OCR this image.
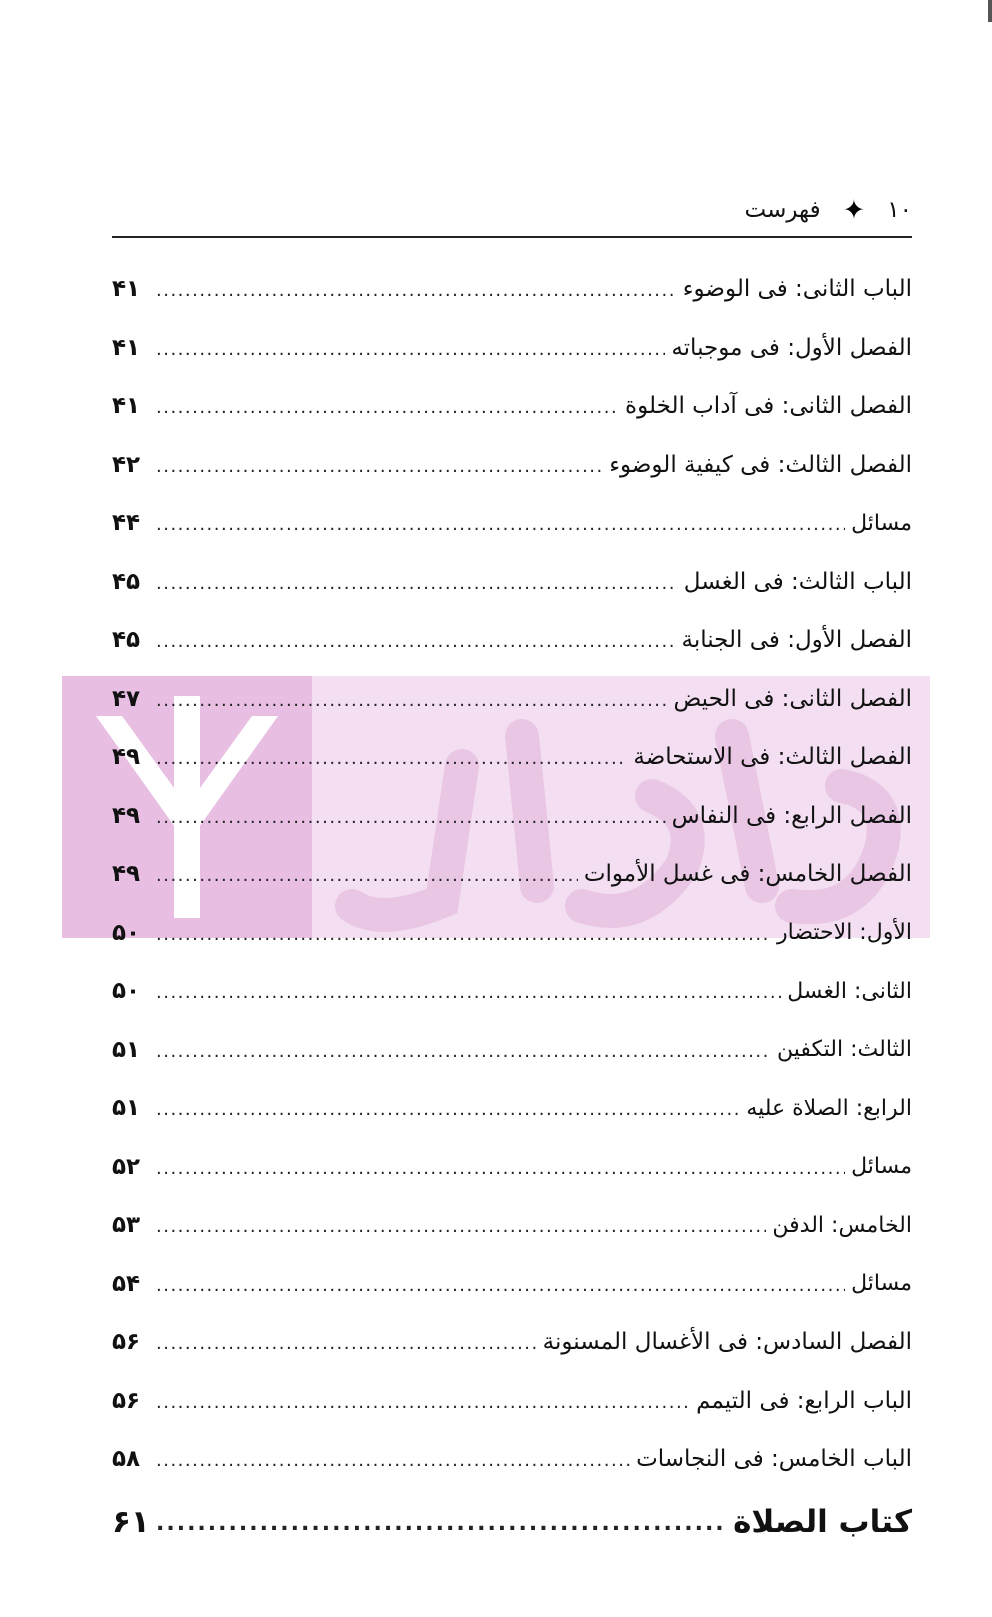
۱۰
✦
فهرست
الباب الثانی: فی الوضوء
.....
۴۱
الفصل الأول: فی موجباته
.....
۴۱
الفصل الثانی: فی آداب الخلوة
.....
۴۱
الفصل الثالث: فی کیفیة الوضوء
.....
۴۲
مسائل
.....
۴۴
الباب الثالث: فی الغسل
.....
۴۵
الفصل الأول: فی الجنابة
.....
۴۵
الفصل الثانی: فی الحیض
.....
۴۷
الفصل الثالث: فی الاستحاضة
.....
۴۹
الفصل الرابع: فی النفاس
.....
۴۹
الفصل الخامس: فی غسل الأموات
.....
۴۹
الأول: الاحتضار
.....
۵۰
الثانی: الغسل
.....
۵۰
الثالث: التکفین
.....
۵۱
الرابع: الصلاة علیه
.....
۵۱
مسائل
.....
۵۲
الخامس: الدفن
.....
۵۳
مسائل
.....
۵۴
الفصل السادس: فی الأغسال المسنونة
.....
۵۶
الباب الرابع: فی التیمم
.....
۵۶
الباب الخامس: فی النجاسات
.....
۵۸
کتاب الصلاة
.....
۶۱
